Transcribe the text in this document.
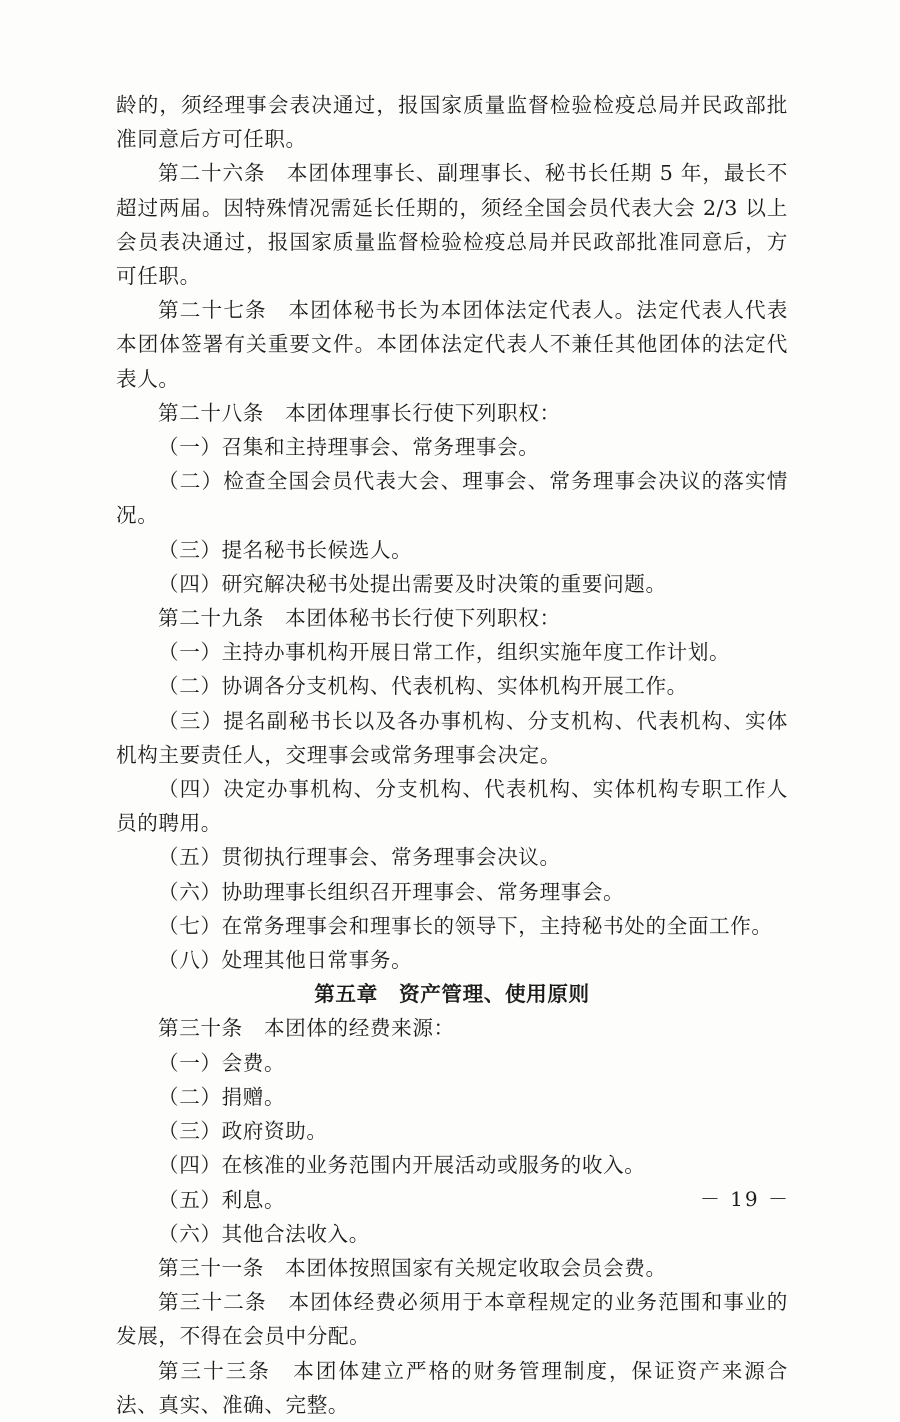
龄的，须经理事会表决通过，报国家质量监督检验检疫总局并民政部批准同意后方可任职。

第二十六条　本团体理事长、副理事长、秘书长任期 5 年，最长不超过两届。因特殊情况需延长任期的，须经全国会员代表大会 2/3 以上会员表决通过，报国家质量监督检验检疫总局并民政部批准同意后，方可任职。

第二十七条　本团体秘书长为本团体法定代表人。法定代表人代表本团体签署有关重要文件。本团体法定代表人不兼任其他团体的法定代表人。

第二十八条　本团体理事长行使下列职权：

（一）召集和主持理事会、常务理事会。

（二）检查全国会员代表大会、理事会、常务理事会决议的落实情况。

（三）提名秘书长候选人。

（四）研究解决秘书处提出需要及时决策的重要问题。

第二十九条　本团体秘书长行使下列职权：

（一）主持办事机构开展日常工作，组织实施年度工作计划。

（二）协调各分支机构、代表机构、实体机构开展工作。

（三）提名副秘书长以及各办事机构、分支机构、代表机构、实体机构主要责任人，交理事会或常务理事会决定。

（四）决定办事机构、分支机构、代表机构、实体机构专职工作人员的聘用。

（五）贯彻执行理事会、常务理事会决议。

（六）协助理事长组织召开理事会、常务理事会。

（七）在常务理事会和理事长的领导下，主持秘书处的全面工作。

（八）处理其他日常事务。

第五章　资产管理、使用原则

第三十条　本团体的经费来源：

（一）会费。

（二）捐赠。

（三）政府资助。

（四）在核准的业务范围内开展活动或服务的收入。

（五）利息。

（六）其他合法收入。

第三十一条　本团体按照国家有关规定收取会员会费。

第三十二条　本团体经费必须用于本章程规定的业务范围和事业的发展，不得在会员中分配。

第三十三条　本团体建立严格的财务管理制度，保证资产来源合法、真实、准确、完整。

－ 19 －
